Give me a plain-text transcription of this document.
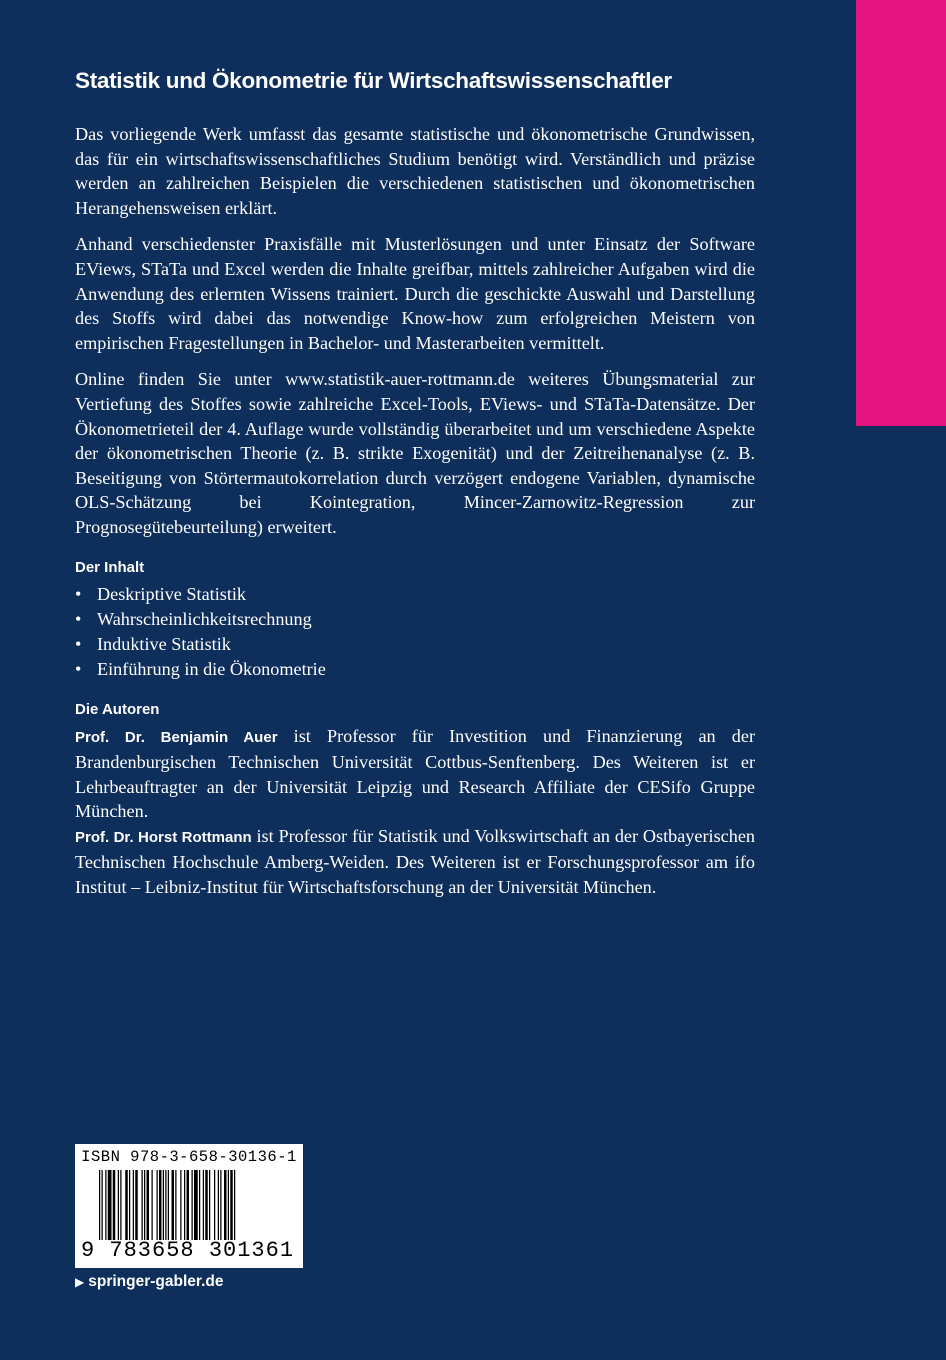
Statistik und Ökonometrie für Wirtschaftswissenschaftler

Das vorliegende Werk umfasst das gesamte statistische und ökonometrische Grundwissen, das für ein wirtschaftswissenschaftliches Studium benötigt wird. Verständlich und präzise werden an zahlreichen Beispielen die verschiedenen statistischen und ökonometrischen Herangehensweisen erklärt.

Anhand verschiedenster Praxisfälle mit Musterlösungen und unter Einsatz der Software EViews, STaTa und Excel werden die Inhalte greifbar, mittels zahlreicher Aufgaben wird die Anwendung des erlernten Wissens trainiert. Durch die geschickte Auswahl und Darstellung des Stoffs wird dabei das notwendige Know-how zum erfolgreichen Meistern von empirischen Fragestellungen in Bachelor- und Masterarbeiten vermittelt.

Online finden Sie unter www.statistik-auer-rottmann.de weiteres Übungsmaterial zur Vertiefung des Stoffes sowie zahlreiche Excel-Tools, EViews- und STaTa-Datensätze. Der Ökonometrieteil der 4. Auflage wurde vollständig überarbeitet und um verschiedene Aspekte der ökonometrischen Theorie (z. B. strikte Exogenität) und der Zeitreihenanalyse (z. B. Beseitigung von Störtermautokorrelation durch verzögert endogene Variablen, dynamische OLS-Schätzung bei Kointegration, Mincer-Zarnowitz-Regression zur Prognosegütebeurteilung) erweitert.

Der Inhalt
• Deskriptive Statistik
• Wahrscheinlichkeitsrechnung
• Induktive Statistik
• Einführung in die Ökonometrie
Die Autoren

Prof. Dr. Benjamin Auer ist Professor für Investition und Finanzierung an der Brandenburgischen Technischen Universität Cottbus-Senftenberg. Des Weiteren ist er Lehrbeauftragter an der Universität Leipzig und Research Affiliate der CESifo Gruppe München.

Prof. Dr. Horst Rottmann ist Professor für Statistik und Volkswirtschaft an der Ostbayerischen Technischen Hochschule Amberg-Weiden. Des Weiteren ist er Forschungsprofessor am ifo Institut – Leibniz-Institut für Wirtschaftsforschung an der Universität München.

ISBN 978-3-658-30136-1
9 783658 301361
▶ springer-gabler.de
